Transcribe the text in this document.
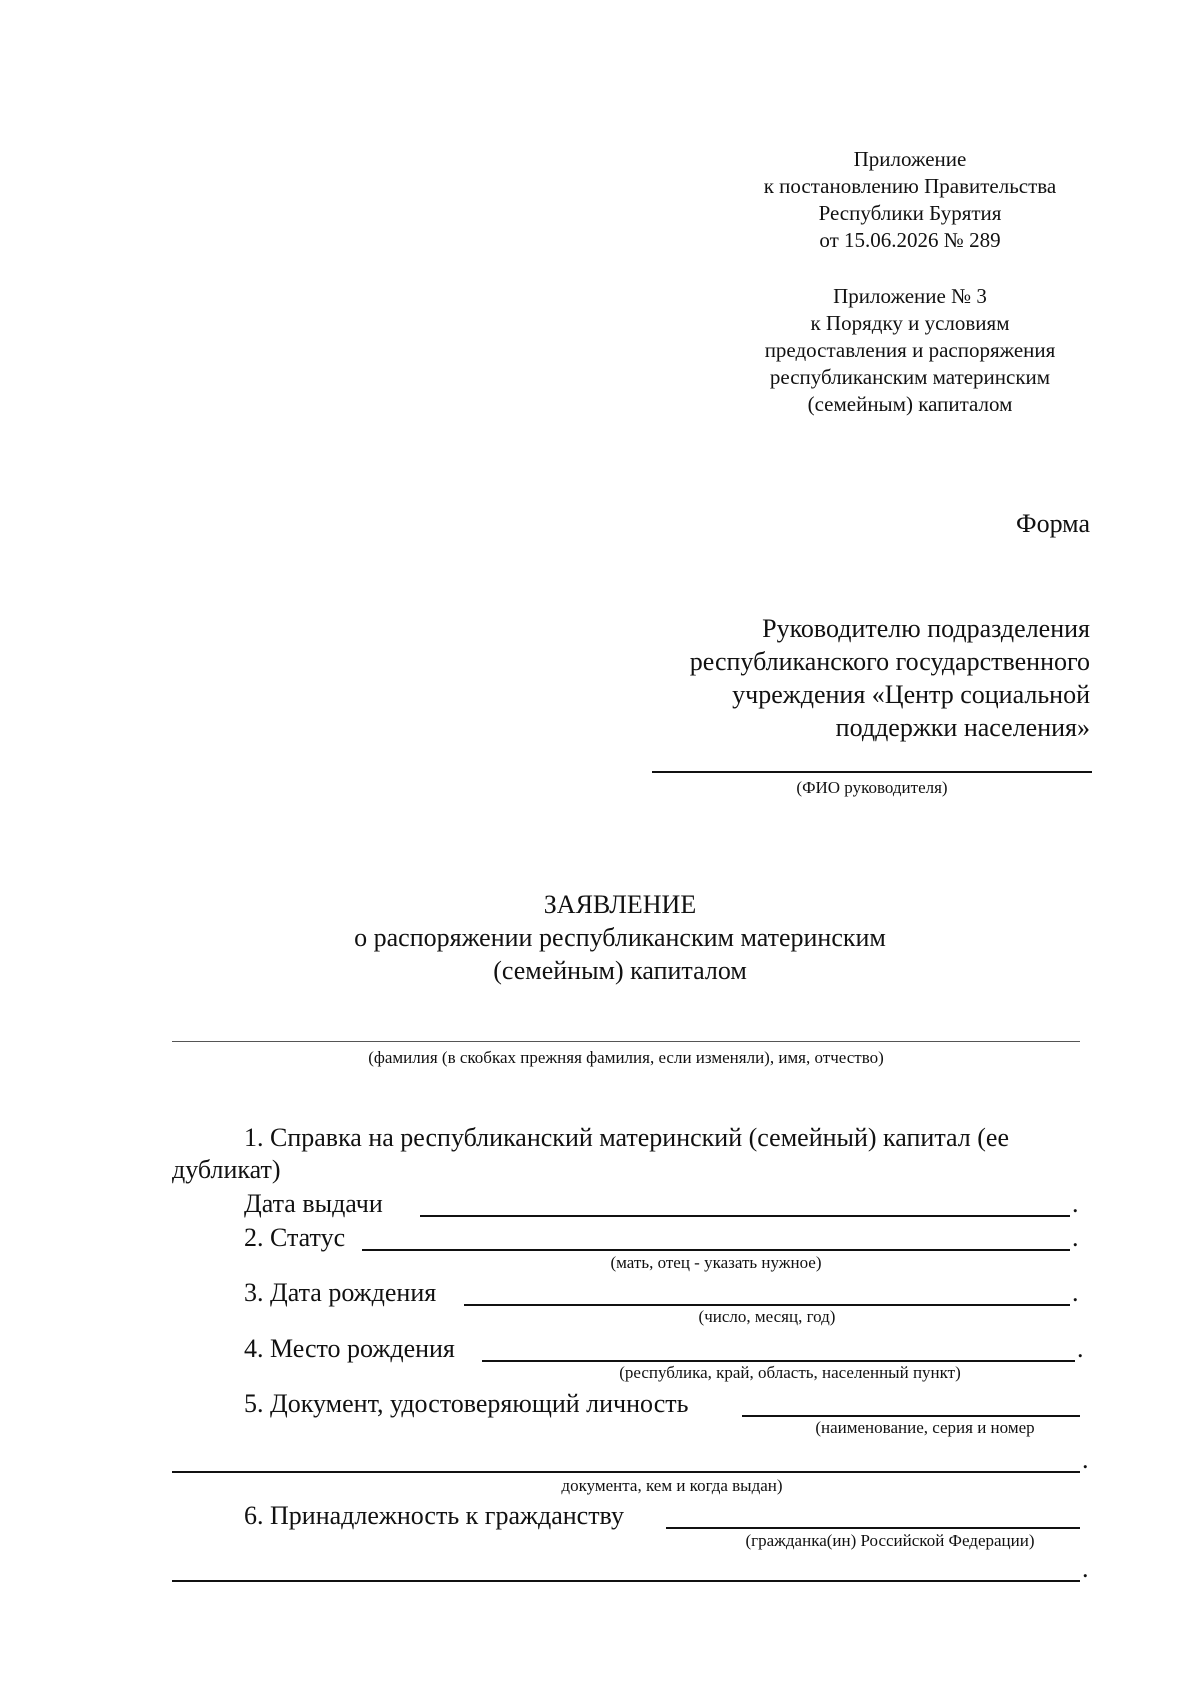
Приложение
к постановлению Правительства
Республики Бурятия
от 15.06.2026 № 289
Приложение № 3
к Порядку и условиям
предоставления и распоряжения
республиканским материнским
(семейным) капиталом
Форма
Руководителю подразделения
республиканского государственного
учреждения «Центр социальной
поддержки населения»
(ФИО руководителя)
ЗАЯВЛЕНИЕ
о распоряжении республиканским материнским
(семейным) капиталом
(фамилия (в скобках прежняя фамилия, если изменяли), имя, отчество)
1. Справка на республиканский материнский (семейный) капитал (ее
дубликат)
Дата выдачи	.
2. Статус	.
(мать, отец - указать нужное)
3. Дата рождения	.
(число, месяц, год)
4. Место рождения	.
(республика, край, область, населенный пункт)
5. Документ, удостоверяющий личность
(наименование, серия и номер
.
документа, кем и когда выдан)
6. Принадлежность к гражданству
(гражданка(ин) Российской Федерации)
.
